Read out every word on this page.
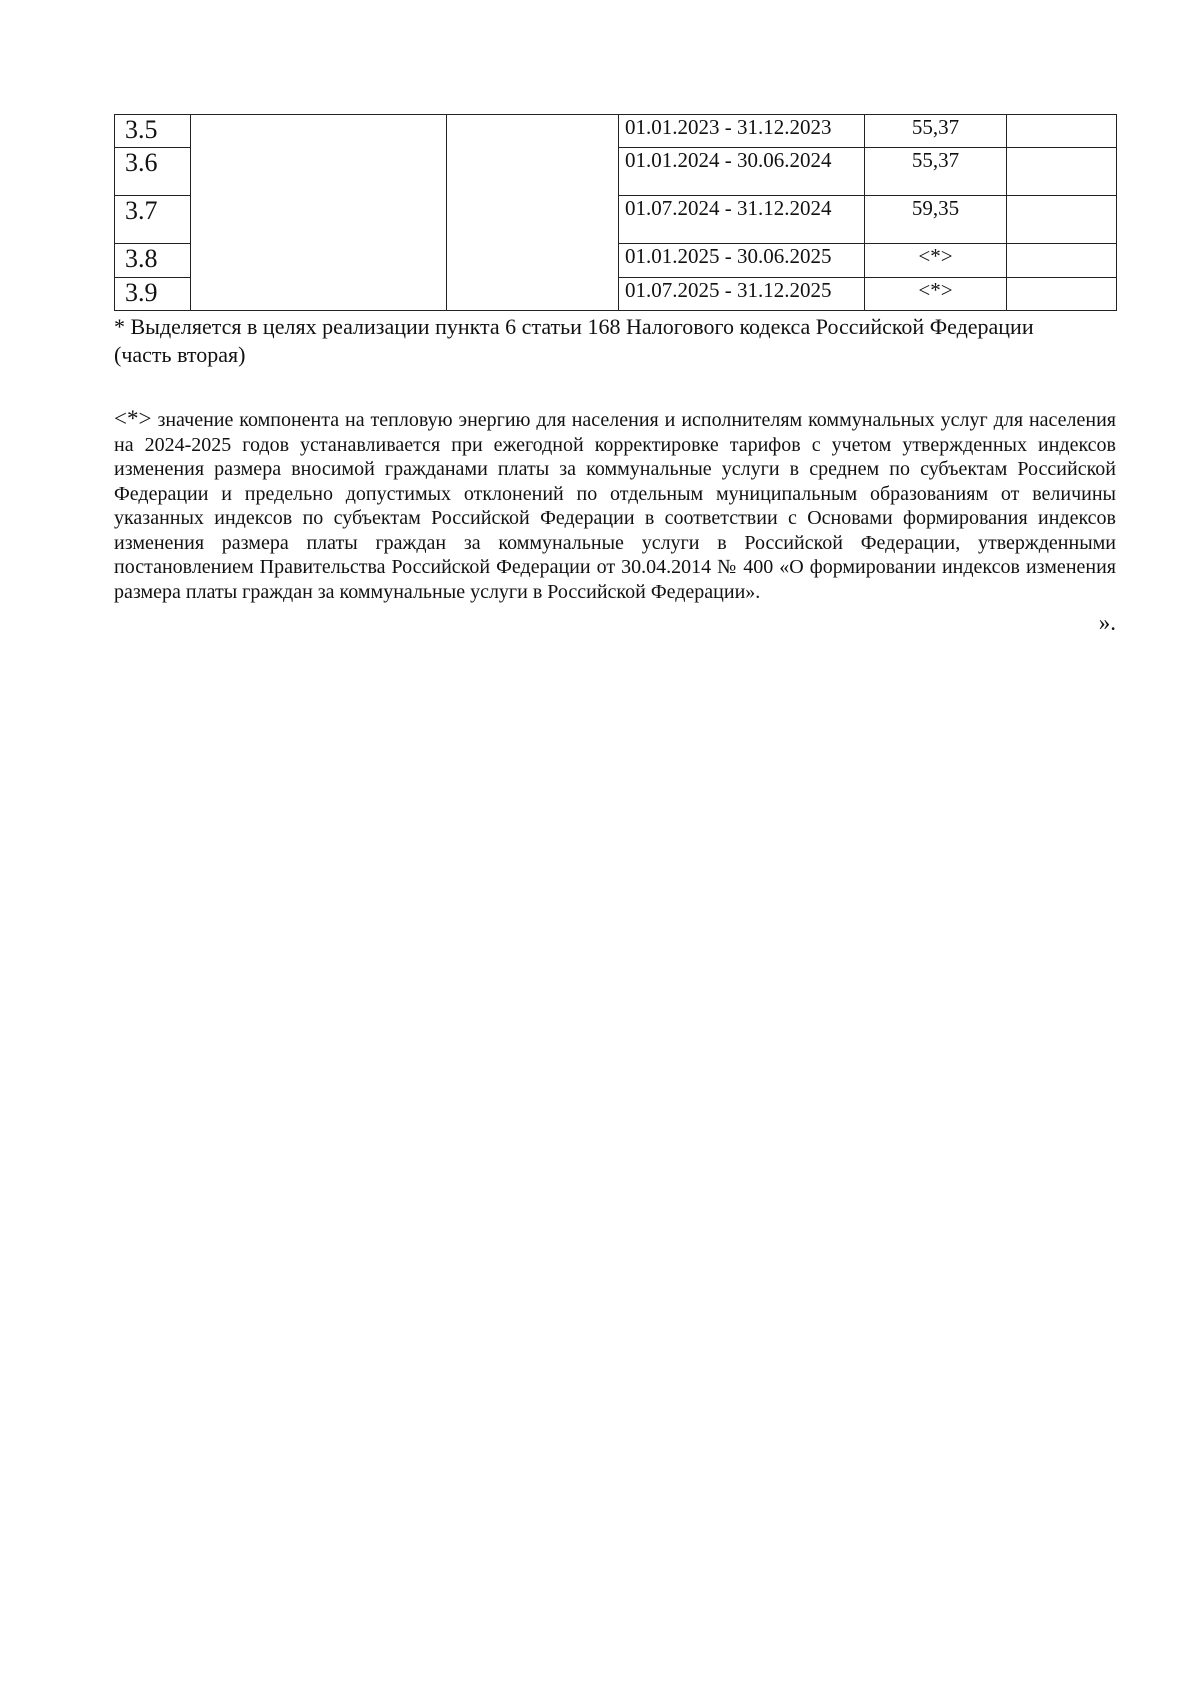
3.5			01.01.2023 - 31.12.2023	55,37	
3.6			01.01.2024 - 30.06.2024	55,37	
3.7			01.07.2024 - 31.12.2024	59,35	
3.8			01.01.2025 - 30.06.2025	<*>	
3.9			01.07.2025 - 31.12.2025	<*>	
* Выделяется в целях реализации пункта 6 статьи 168 Налогового кодекса Российской Федерации
(часть вторая)
<*> значение компонента на тепловую энергию для населения и исполнителям коммунальных услуг для населения на 2024-2025 годов устанавливается при ежегодной корректировке тарифов с учетом утвержденных индексов изменения размера вносимой гражданами платы за коммунальные услуги в среднем по субъектам Российской Федерации и предельно допустимых отклонений по отдельным муниципальным образованиям от величины указанных индексов по субъектам Российской Федерации в соответствии с Основами формирования индексов изменения размера платы граждан за коммунальные услуги в Российской Федерации, утвержденными постановлением Правительства Российской Федерации от 30.04.2014 № 400 «О формировании индексов изменения размера платы граждан за коммунальные услуги в Российской Федерации».
».
